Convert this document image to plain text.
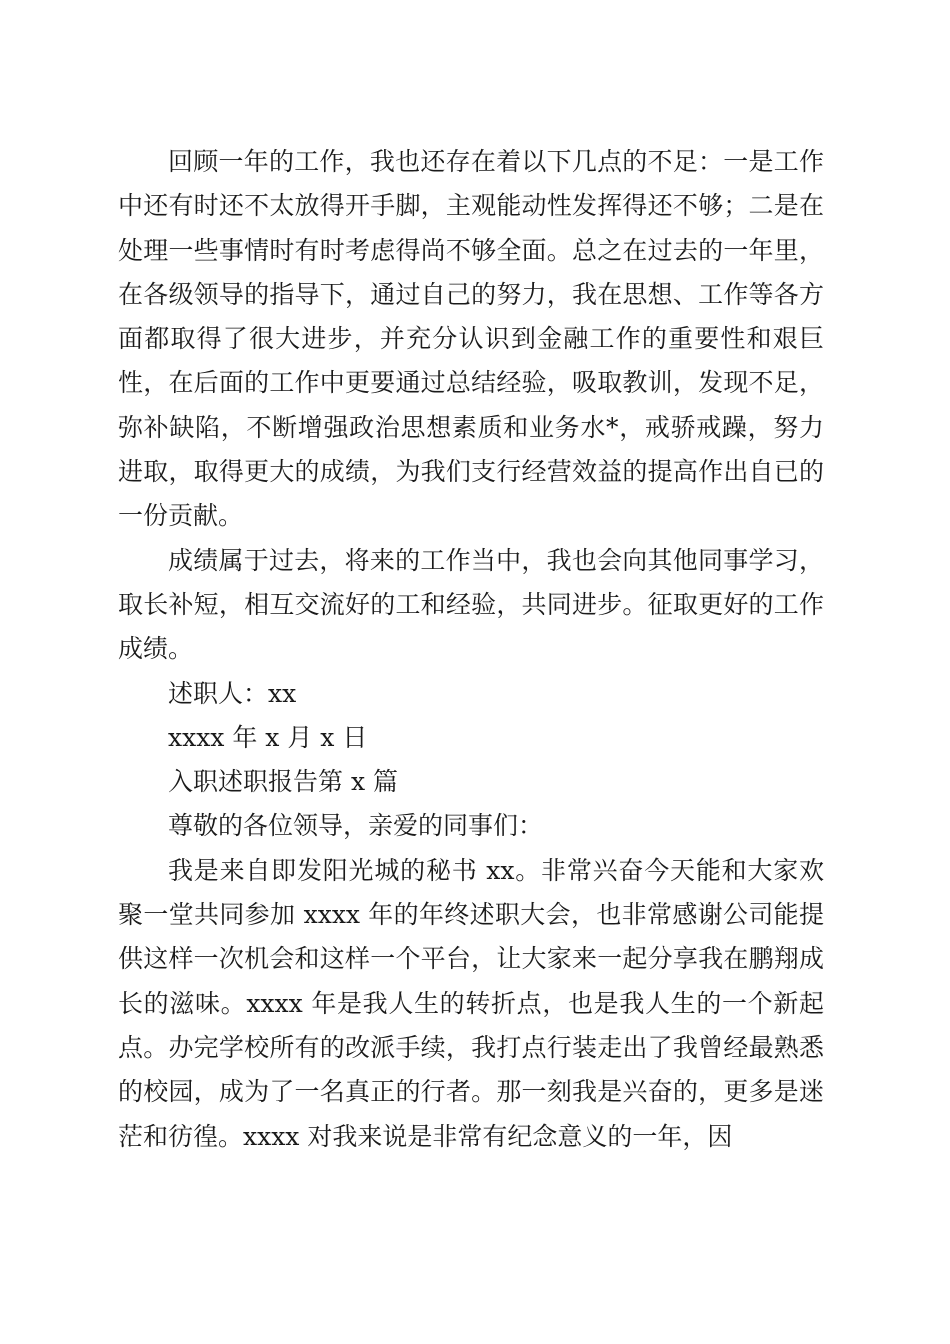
回顾一年的工作，我也还存在着以下几点的不足：一是工作中还有时还不太放得开手脚，主观能动性发挥得还不够；二是在处理一些事情时有时考虑得尚不够全面。总之在过去的一年里，在各级领导的指导下，通过自己的努力，我在思想、工作等各方面都取得了很大进步，并充分认识到金融工作的重要性和艰巨性，在后面的工作中更要通过总结经验，吸取教训，发现不足，弥补缺陷，不断增强政治思想素质和业务水*，戒骄戒躁，努力进取，取得更大的成绩，为我们支行经营效益的提高作出自已的一份贡献。

成绩属于过去，将来的工作当中，我也会向其他同事学习，取长补短，相互交流好的工和经验，共同进步。征取更好的工作成绩。

述职人：xx

xxxx 年 x 月 x 日

入职述职报告第 x 篇

尊敬的各位领导，亲爱的同事们：

我是来自即发阳光城的秘书 xx。非常兴奋今天能和大家欢聚一堂共同参加 xxxx 年的年终述职大会，也非常感谢公司能提供这样一次机会和这样一个平台，让大家来一起分享我在鹏翔成长的滋味。xxxx 年是我人生的转折点，也是我人生的一个新起点。办完学校所有的改派手续，我打点行装走出了我曾经最熟悉的校园，成为了一名真正的行者。那一刻我是兴奋的，更多是迷茫和彷徨。xxxx 对我来说是非常有纪念意义的一年，因
